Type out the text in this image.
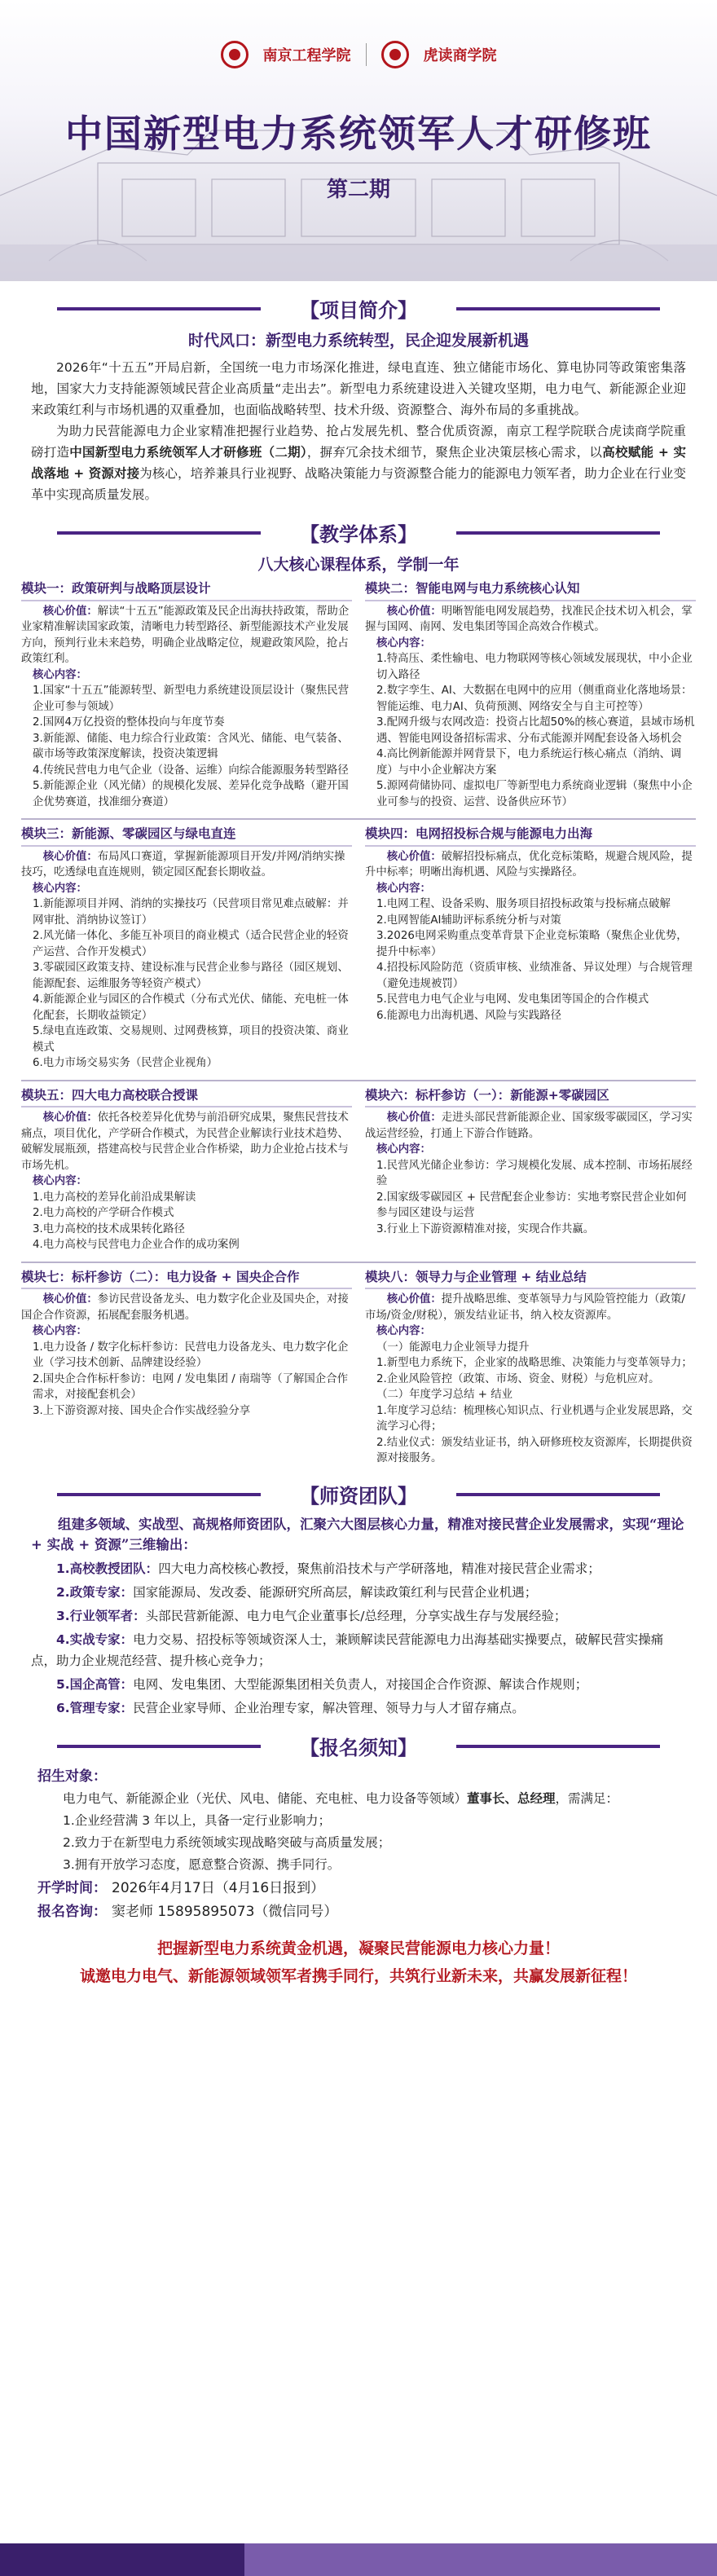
南京工程学院	虎读商学院
中国新型电力系统领军人才研修班
第二期
【项目简介】
时代风口：新型电力系统转型，民企迎发展新机遇

2026年“十五五”开局启新，全国统一电力市场深化推进，绿电直连、独立储能市场化、算电协同等政策密集落地，国家大力支持能源领域民营企业高质量“走出去”。新型电力系统建设进入关键攻坚期，电力电气、新能源企业迎来政策红利与市场机遇的双重叠加，也面临战略转型、技术升级、资源整合、海外布局的多重挑战。

为助力民营能源电力企业家精准把握行业趋势、抢占发展先机、整合优质资源，南京工程学院联合虎读商学院重磅打造中国新型电力系统领军人才研修班（二期），摒弃冗余技术细节，聚焦企业决策层核心需求，以高校赋能 + 实战落地 + 资源对接为核心，培养兼具行业视野、战略决策能力与资源整合能力的能源电力领军者，助力企业在行业变革中实现高质量发展。

【教学体系】
八大核心课程体系，学制一年
模块一：政策研判与战略顶层设计
核心价值：解读“十五五”能源政策及民企出海扶持政策，帮助企业家精准解读国家政策，清晰电力转型路径、新型能源技术产业发展方向，预判行业未来趋势，明确企业战略定位，规避政策风险，抢占政策红利。
核心内容：
1.国家“十五五”能源转型、新型电力系统建设顶层设计（聚焦民营企业可参与领域）
2.国网4万亿投资的整体投向与年度节奏
3.新能源、储能、电力综合行业政策：含风光、储能、电气装备、碳市场等政策深度解读，投资决策逻辑
4.传统民营电力电气企业（设备、运维）向综合能源服务转型路径
5.新能源企业（风光储）的规模化发展、差异化竞争战略（避开国企优势赛道，找准细分赛道）
模块二：智能电网与电力系统核心认知
核心价值：明晰智能电网发展趋势，找准民企技术切入机会，掌握与国网、南网、发电集团等国企高效合作模式。
核心内容：
1.特高压、柔性输电、电力物联网等核心领域发展现状，中小企业切入路径
2.数字孪生、AI、大数据在电网中的应用（侧重商业化落地场景：智能运维、电力AI、负荷预测、网络安全与自主可控等）
3.配网升级与农网改造：投资占比超50%的核心赛道，县域市场机遇、智能电网设备招标需求、分布式能源并网配套设备入场机会
4.高比例新能源并网背景下，电力系统运行核心痛点（消纳、调度）与中小企业解决方案
5.源网荷储协同、虚拟电厂等新型电力系统商业逻辑（聚焦中小企业可参与的投资、运营、设备供应环节）
模块三：新能源、零碳园区与绿电直连
核心价值：布局风口赛道，掌握新能源项目开发/并网/消纳实操技巧，吃透绿电直连规则，锁定园区配套长期收益。
核心内容：
1.新能源项目并网、消纳的实操技巧（民营项目常见难点破解：并网审批、消纳协议签订）
2.风光储一体化、多能互补项目的商业模式（适合民营企业的轻资产运营、合作开发模式）
3.零碳园区政策支持、建设标准与民营企业参与路径（园区规划、能源配套、运维服务等轻资产模式）
4.新能源企业与园区的合作模式（分布式光伏、储能、充电桩一体化配套，长期收益锁定）
5.绿电直连政策、交易规则、过网费核算，项目的投资决策、商业模式
6.电力市场交易实务（民营企业视角）
模块四：电网招投标合规与能源电力出海
核心价值：破解招投标痛点，优化竞标策略，规避合规风险，提升中标率；明晰出海机遇、风险与实操路径。
核心内容：
1.电网工程、设备采购、服务项目招投标政策与投标痛点破解
2.电网智能AI辅助评标系统分析与对策
3.2026电网采购重点变革背景下企业竞标策略（聚焦企业优势，提升中标率）
4.招投标风险防范（资质审核、业绩准备、异议处理）与合规管理（避免违规被罚）
5.民营电力电气企业与电网、发电集团等国企的合作模式
6.能源电力出海机遇、风险与实践路径
模块五：四大电力高校联合授课
核心价值：依托各校差异化优势与前沿研究成果，聚焦民营技术痛点，项目优化，产学研合作模式，为民营企业解读行业技术趋势、破解发展瓶颈，搭建高校与民营企业合作桥梁，助力企业抢占技术与市场先机。
核心内容：
1.电力高校的差异化前沿成果解读
2.电力高校的产学研合作模式
3.电力高校的技术成果转化路径
4.电力高校与民营电力企业合作的成功案例
模块六：标杆参访（一）：新能源+零碳园区
核心价值：走进头部民营新能源企业、国家级零碳园区，学习实战运营经验，打通上下游合作链路。
核心内容：
1.民营风光储企业参访：学习规模化发展、成本控制、市场拓展经验
2.国家级零碳园区 + 民营配套企业参访：实地考察民营企业如何参与园区建设与运营
3.行业上下游资源精准对接，实现合作共赢。
模块七：标杆参访（二）：电力设备 + 国央企合作
核心价值：参访民营设备龙头、电力数字化企业及国央企，对接国企合作资源，拓展配套服务机遇。
核心内容：
1.电力设备 / 数字化标杆参访：民营电力设备龙头、电力数字化企业（学习技术创新、品牌建设经验）
2.国央企合作标杆参访：电网 / 发电集团 / 南瑞等（了解国企合作需求，对接配套机会）
3.上下游资源对接、国央企合作实战经验分享
模块八：领导力与企业管理 + 结业总结
核心价值：提升战略思维、变革领导力与风险管控能力（政策/市场/资金/财税），颁发结业证书，纳入校友资源库。
核心内容：
（一）能源电力企业领导力提升
1.新型电力系统下，企业家的战略思维、决策能力与变革领导力；
2.企业风险管控（政策、市场、资金、财税）与危机应对。
（二）年度学习总结 + 结业
1.年度学习总结：梳理核心知识点、行业机遇与企业发展思路，交流学习心得；
2.结业仪式：颁发结业证书，纳入研修班校友资源库，长期提供资源对接服务。
【师资团队】

组建多领域、实战型、高规格师资团队，汇聚六大图层核心力量，精准对接民营企业发展需求，实现“理论 + 实战 + 资源”三维输出：

1.高校教授团队：四大电力高校核心教授，聚焦前沿技术与产学研落地，精准对接民营企业需求；

2.政策专家：国家能源局、发改委、能源研究所高层，解读政策红利与民营企业机遇；

3.行业领军者：头部民营新能源、电力电气企业董事长/总经理，分享实战生存与发展经验；

4.实战专家：电力交易、招投标等领域资深人士，兼顾解读民营能源电力出海基础实操要点，破解民营实操痛点，助力企业规范经营、提升核心竞争力；

5.国企高管：电网、发电集团、大型能源集团相关负责人，对接国企合作资源、解读合作规则；

6.管理专家：民营企业家导师、企业治理专家，解决管理、领导力与人才留存痛点。

【报名须知】
招生对象：

电力电气、新能源企业（光伏、风电、储能、充电桩、电力设备等领域）董事长、总经理，需满足：

1.企业经营满 3 年以上，具备一定行业影响力；
2.致力于在新型电力系统领域实现战略突破与高质量发展；
3.拥有开放学习态度，愿意整合资源、携手同行。
开学时间： 2026年4月17日（4月16日报到）
报名咨询： 窦老师 15895895073（微信同号）

把握新型电力系统黄金机遇，凝聚民营能源电力核心力量！

诚邀电力电气、新能源领域领军者携手同行，共筑行业新未来，共赢发展新征程！
